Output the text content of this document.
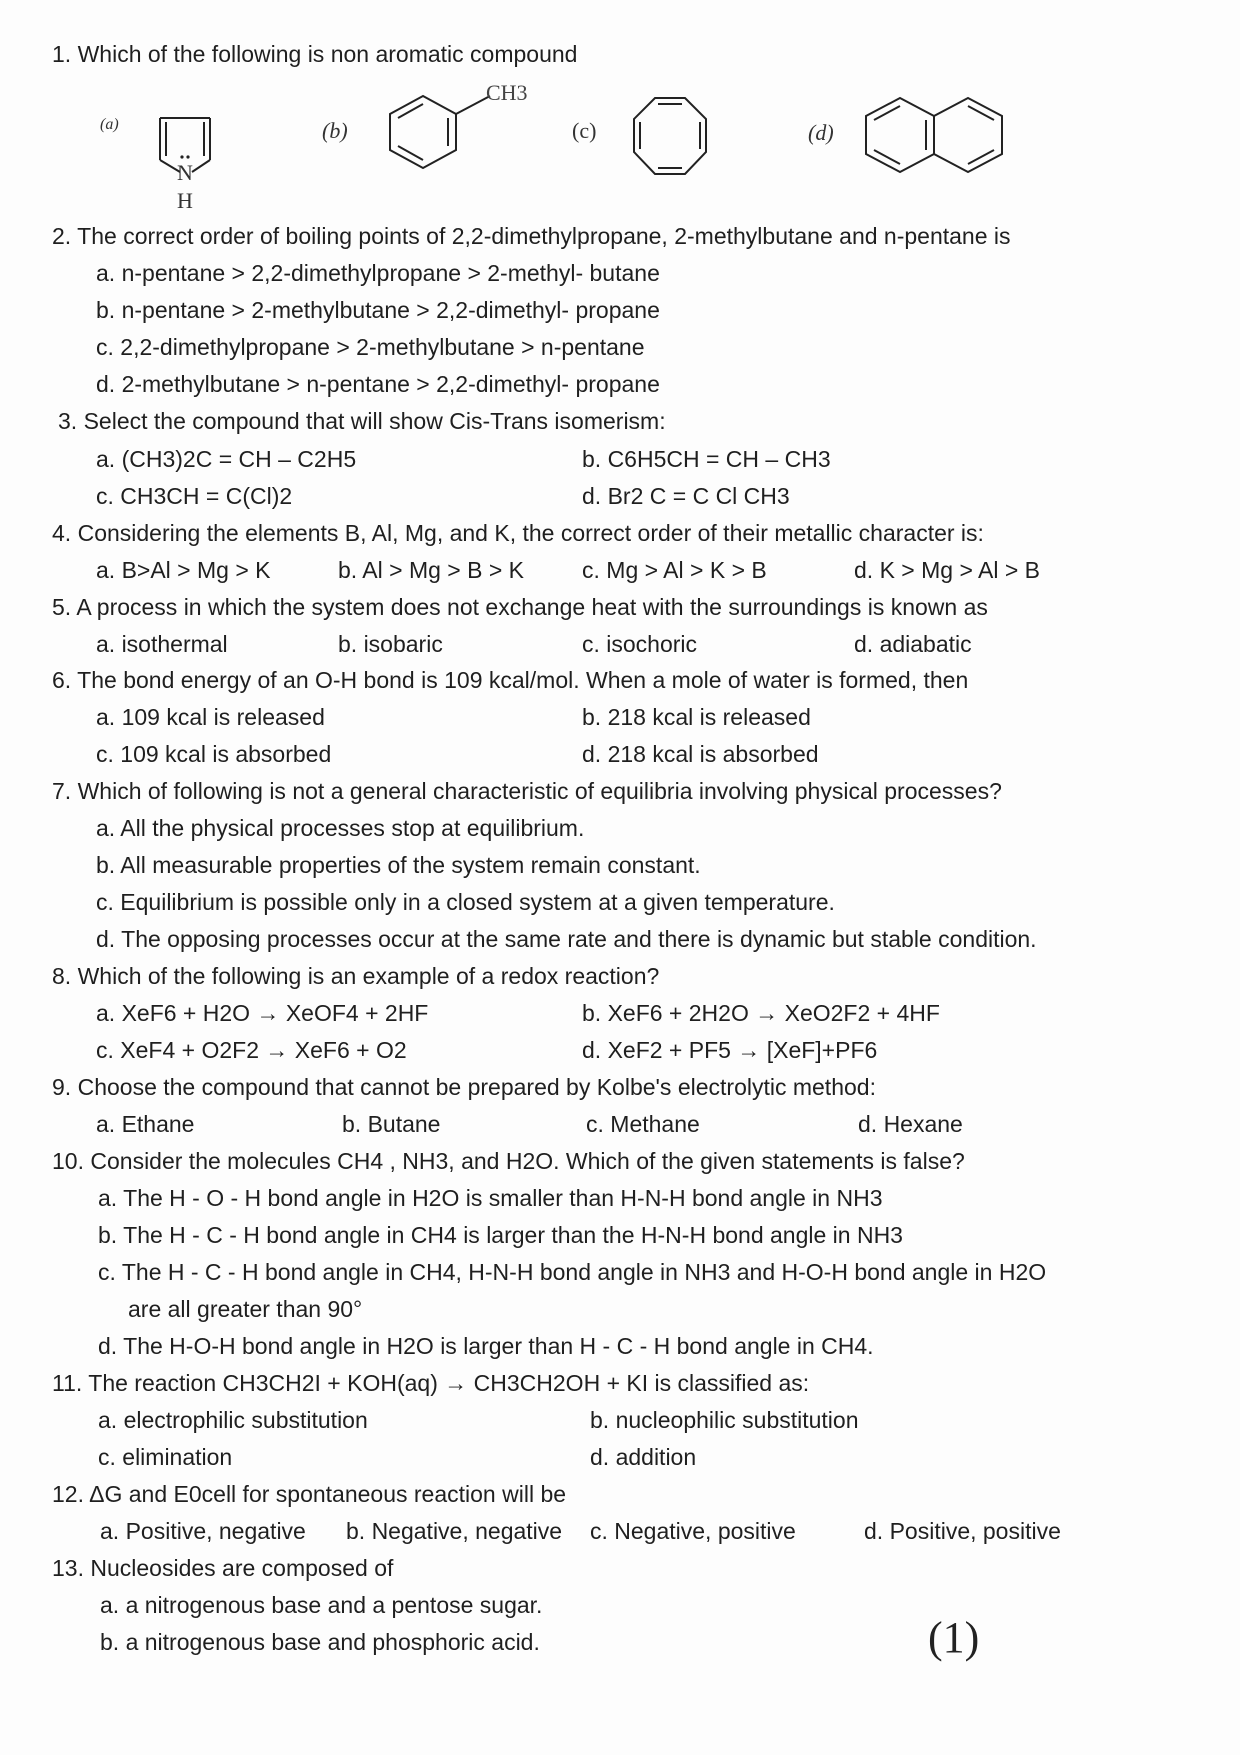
1. Which of the following is non aromatic compound
(a)
N
H
(b)
CH3
(c)	(d)
2. The correct order of boiling points of 2,2-dimethylpropane, 2-methylbutane and n-pentane is
a. n-pentane > 2,2-dimethylpropane > 2-methyl- butane
b. n-pentane > 2-methylbutane > 2,2-dimethyl- propane
c. 2,2-dimethylpropane > 2-methylbutane > n-pentane
d. 2-methylbutane > n-pentane > 2,2-dimethyl- propane
3. Select the compound that will show Cis-Trans isomerism:
a. (CH3)2C = CH – C2H5	b. C6H5CH = CH – CH3
c. CH3CH = C(Cl)2	d. Br2 C = C Cl CH3
4. Considering the elements B, Al, Mg, and K, the correct order of their metallic character is:
a. B>Al > Mg > K	b. Al > Mg > B > K	c. Mg > Al > K > B	d. K > Mg > Al > B
5. A process in which the system does not exchange heat with the surroundings is known as
a. isothermal	b. isobaric	c. isochoric	d. adiabatic
6. The bond energy of an O-H bond is 109 kcal/mol. When a mole of water is formed, then
a. 109 kcal is released	b. 218 kcal is released
c. 109 kcal is absorbed	d. 218 kcal is absorbed
7. Which of following is not a general characteristic of equilibria involving physical processes?
a. All the physical processes stop at equilibrium.
b. All measurable properties of the system remain constant.
c. Equilibrium is possible only in a closed system at a given temperature.
d. The opposing processes occur at the same rate and there is dynamic but stable condition.
8. Which of the following is an example of a redox reaction?
a. XeF6 + H2O → XeOF4 + 2HF	b. XeF6 + 2H2O → XeO2F2 + 4HF
c. XeF4 + O2F2 → XeF6 + O2	d. XeF2 + PF5 → [XeF]+PF6
9. Choose the compound that cannot be prepared by Kolbe's electrolytic method:
a. Ethane	b. Butane	c. Methane	d. Hexane
10. Consider the molecules CH4 , NH3, and H2O. Which of the given statements is false?
a. The H - O - H bond angle in H2O is smaller than H-N-H bond angle in NH3
b. The H - C - H bond angle in CH4 is larger than the H-N-H bond angle in NH3
c. The H - C - H bond angle in CH4, H-N-H bond angle in NH3 and H-O-H bond angle in H2O
are all greater than 90°
d. The H-O-H bond angle in H2O is larger than H - C - H bond angle in CH4.
11. The reaction CH3CH2I + KOH(aq) → CH3CH2OH + KI is classified as:
a. electrophilic substitution	b. nucleophilic substitution
c. elimination	d. addition
12. ΔG and E0cell for spontaneous reaction will be
a. Positive, negative b. Negative, negative c. Negative, positive	d. Positive, positive
13. Nucleosides are composed of
a. a nitrogenous base and a pentose sugar.
b. a nitrogenous base and phosphoric acid.	(1)
